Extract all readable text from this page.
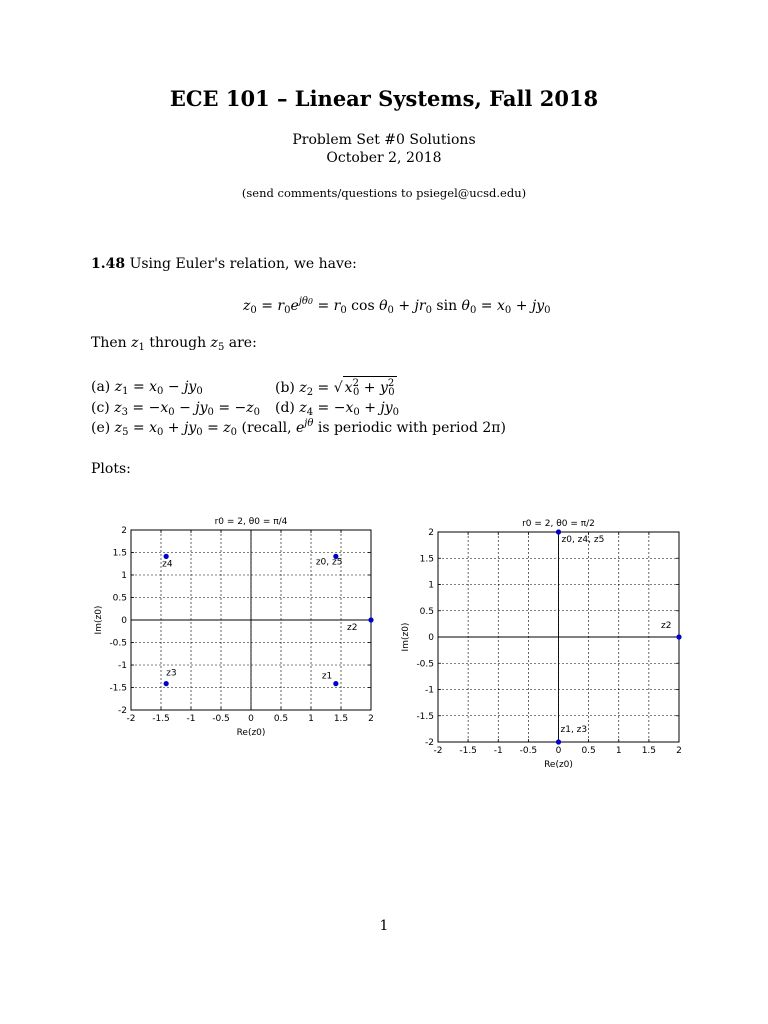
ECE 101 – Linear Systems, Fall 2018
Problem Set #0 Solutions
October 2, 2018
(send comments/questions to psiegel@ucsd.edu)
1.48 Using Euler's relation, we have:
$z_0 = r_0e^{j\theta 0} = r_0$ $\cos \theta_0 + jr_0$ $\sin \theta_0 = x_0 + jy_0$
Then $z_1$ through $z_5$ are:
(a) $z_1 = x_0 - jy_0$	(b) $z_2$ = √ $x^2_0 + y^2_0$
(c) $z_3 = -x_0 - jy_0 = -z_0$ (d) $z_4 = -x_0 + jy_0$
(e) $z_5 = x_0 + jy_0 = z_0$ (recall, $e^{j\theta}$ is periodic with period 2π)
Plots:
-2 -1.5 -1 -0.5 0 0.5 1 1.5 2
-2
-1.5
-1
-0.5
0
0.5
1
1.5
2
r0 = 2, θ0 = π/4
Re(z0)
Im(z0)
z0, z5
z1
z2
z3
z4
-2 -1.5 -1 -0.5 0 0.5 1 1.5 2
-2
-1.5
-1
-0.5
0
0.5
1
1.5
2
r0 = 2, θ0 = π/2
Re(z0)
Im(z0)
z0, z4, z5
z2
z1, z3
1
